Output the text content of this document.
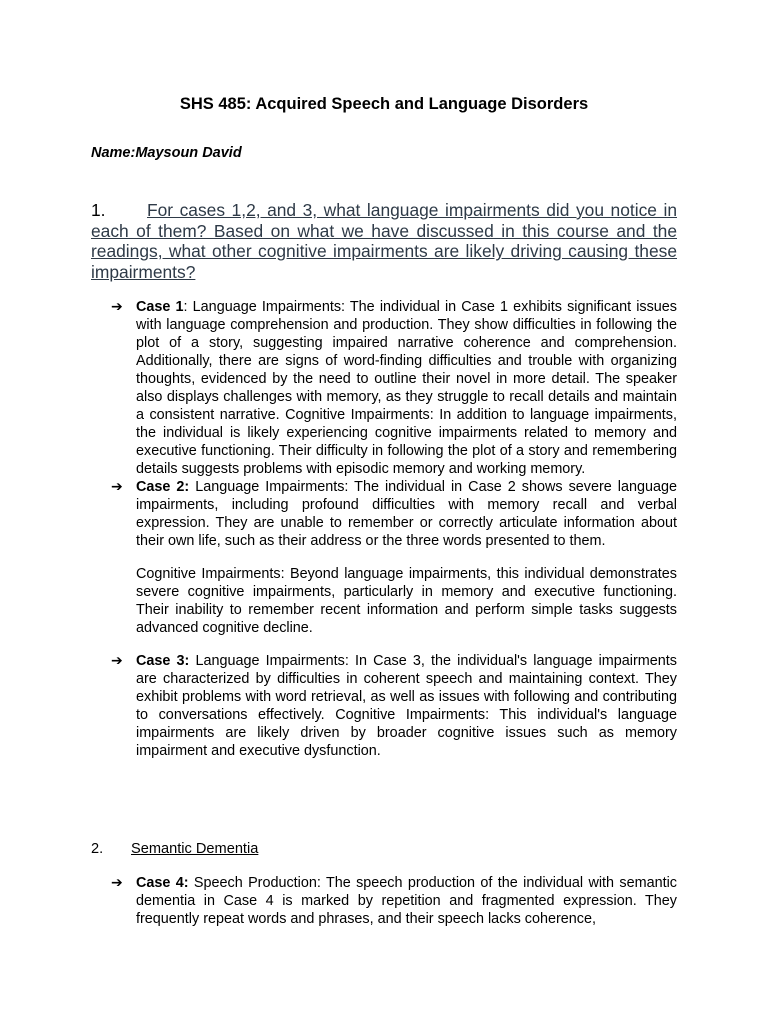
SHS 485: Acquired Speech and Language Disorders
Name:Maysoun David
1. For cases 1,2, and 3, what language impairments did you notice in each of them? Based on what we have discussed in this course and the readings, what other cognitive impairments are likely driving causing these impairments?
➔ Case 1: Language Impairments: The individual in Case 1 exhibits significant issues with language comprehension and production. They show difficulties in following the plot of a story, suggesting impaired narrative coherence and comprehension. Additionally, there are signs of word-finding difficulties and trouble with organizing thoughts, evidenced by the need to outline their novel in more detail. The speaker also displays challenges with memory, as they struggle to recall details and maintain a consistent narrative. Cognitive Impairments: In addition to language impairments, the individual is likely experiencing cognitive impairments related to memory and executive functioning. Their difficulty in following the plot of a story and remembering details suggests problems with episodic memory and working memory.
➔ Case 2: Language Impairments: The individual in Case 2 shows severe language impairments, including profound difficulties with memory recall and verbal expression. They are unable to remember or correctly articulate information about their own life, such as their address or the three words presented to them.
Cognitive Impairments: Beyond language impairments, this individual demonstrates severe cognitive impairments, particularly in memory and executive functioning. Their inability to remember recent information and perform simple tasks suggests advanced cognitive decline.
➔ Case 3: Language Impairments: In Case 3, the individual's language impairments are characterized by difficulties in coherent speech and maintaining context. They exhibit problems with word retrieval, as well as issues with following and contributing to conversations effectively. Cognitive Impairments: This individual's language impairments are likely driven by broader cognitive issues such as memory impairment and executive dysfunction.
2. Semantic Dementia
➔ Case 4: Speech Production: The speech production of the individual with semantic dementia in Case 4 is marked by repetition and fragmented expression. They frequently repeat words and phrases, and their speech lacks coherence,
